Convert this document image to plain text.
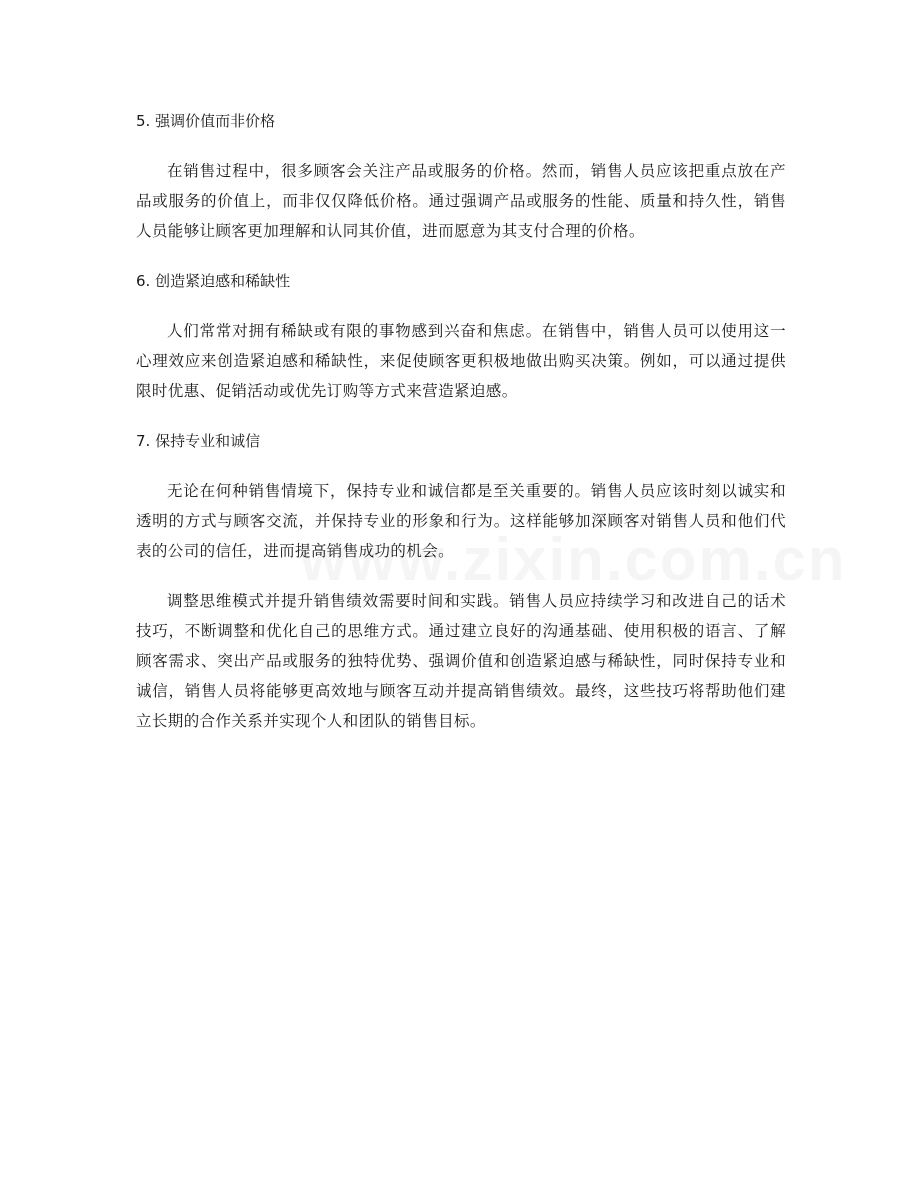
5. 强调价值而非价格

在销售过程中，很多顾客会关注产品或服务的价格。然而，销售人员应该把重点放在产品或服务的价值上，而非仅仅降低价格。通过强调产品或服务的性能、质量和持久性，销售人员能够让顾客更加理解和认同其价值，进而愿意为其支付合理的价格。

6. 创造紧迫感和稀缺性

人们常常对拥有稀缺或有限的事物感到兴奋和焦虑。在销售中，销售人员可以使用这一心理效应来创造紧迫感和稀缺性，来促使顾客更积极地做出购买决策。例如，可以通过提供限时优惠、促销活动或优先订购等方式来营造紧迫感。

7. 保持专业和诚信

无论在何种销售情境下，保持专业和诚信都是至关重要的。销售人员应该时刻以诚实和透明的方式与顾客交流，并保持专业的形象和行为。这样能够加深顾客对销售人员和他们代表的公司的信任，进而提高销售成功的机会。

调整思维模式并提升销售绩效需要时间和实践。销售人员应持续学习和改进自己的话术技巧，不断调整和优化自己的思维方式。通过建立良好的沟通基础、使用积极的语言、了解顾客需求、突出产品或服务的独特优势、强调价值和创造紧迫感与稀缺性，同时保持专业和诚信，销售人员将能够更高效地与顾客互动并提高销售绩效。最终，这些技巧将帮助他们建立长期的合作关系并实现个人和团队的销售目标。
